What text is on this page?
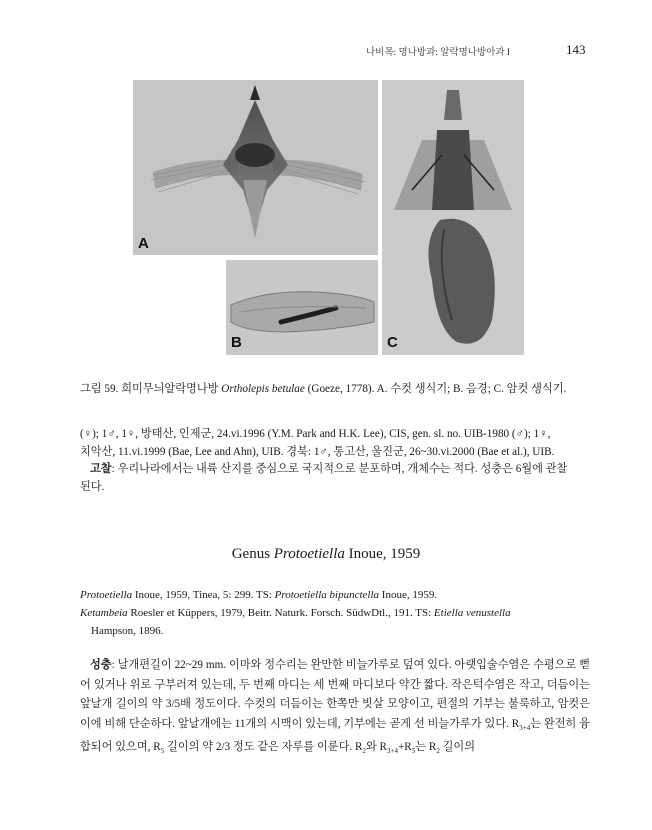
나비목: 명나방과: 알락명나방아과 I	143
A
B	C
그림 59. 희미무늬알락명나방 Ortholepis betulae (Goeze, 1778). A. 수컷 생식기; B. 음경; C. 암컷 생식기.

(♀); 1♂, 1♀, 방태산, 인제군, 24.vi.1996 (Y.M. Park and H.K. Lee), CIS, gen. sl. no. UIB-1980 (♂); 1♀,

치악산, 11.vi.1999 (Bae, Lee and Ahn), UIB. 경북: 1♂, 통고산, 울진군, 26~30.vi.2000 (Bae et al.), UIB.

고찰: 우리나라에서는 내륙 산지를 중심으로 국지적으로 분포하며, 개체수는 적다. 성충은 6월에 관찰

된다.

Genus Protoetiella Inoue, 1959

Protoetiella Inoue, 1959, Tinea, 5: 299. TS: Protoetiella bipunctella Inoue, 1959.

Ketambeia Roesler et Küppers, 1979, Beitr. Naturk. Forsch. SüdwDtl., 191. TS: Etiella venustella
Hampson, 1896.

성충: 날개편길이 22~29 mm. 이마와 정수리는 완만한 비늘가루로 덮여 있다. 아랫입술수염은 수평으로 뻗어 있거나 위로 구부러져 있는데, 두 번째 마디는 세 번째 마디보다 약간 짧다. 작은턱수염은 작고, 더듬이는 앞날개 길이의 약 3/5배 정도이다. 수컷의 더듬이는 한쪽만 빗살 모양이고, 편절의 기부는 불룩하고, 암컷은 이에 비해 단순하다. 앞날개에는 11개의 시맥이 있는데, 기부에는 곧게 선 비늘가루가 있다. $R_{3+4}$는 완전히 융합되어 있으며, $R_5$ 길이의 약 2/3 정도 같은 자루를 이룬다. $R_2$와 $R_{3+4}+R_5$는 $R_2$ 길이의
